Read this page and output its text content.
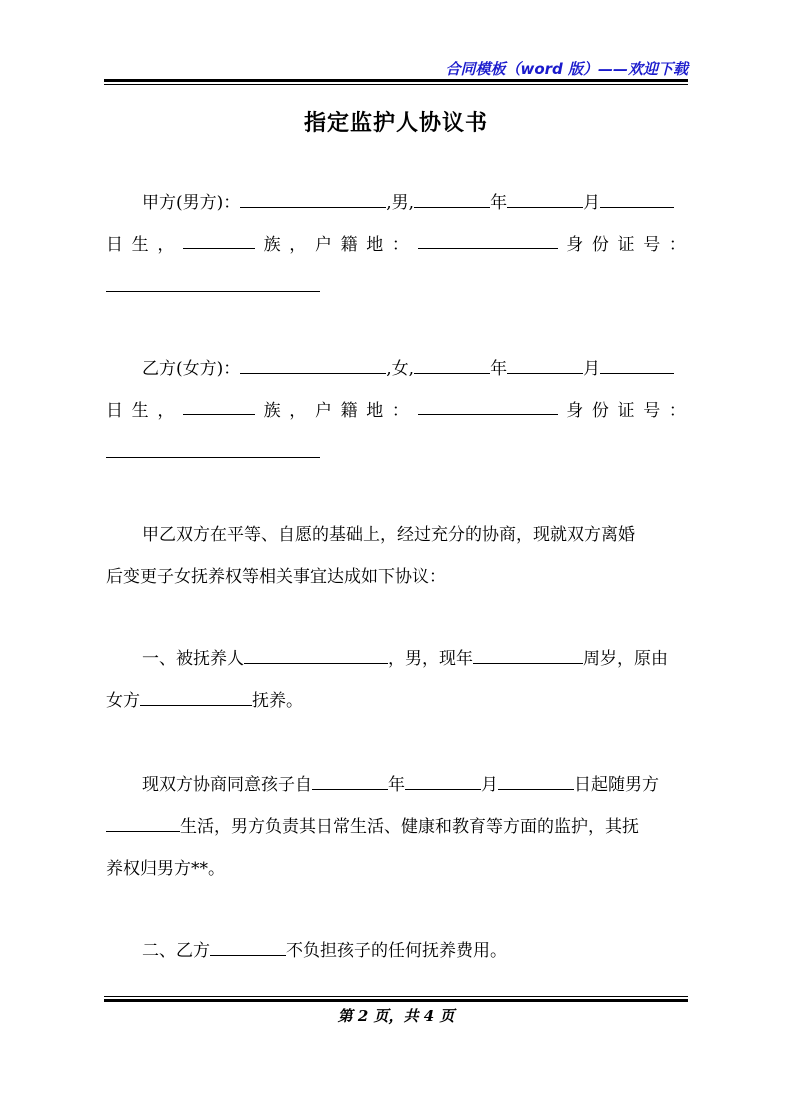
合同模板（word 版）——欢迎下载
指定监护人协议书
甲方(男方)：	,男,	年	月
日 生 ，	族 ， 户 籍 地 ：	身 份 证 号 ：
乙方(女方)：	,女,	年	月
日 生 ，	族 ， 户 籍 地 ：	身 份 证 号 ：
甲乙双方在平等、自愿的基础上，经过充分的协商，现就双方离婚
后变更子女抚养权等相关事宜达成如下协议：
一、被抚养人	，男，现年	周岁，原由
女方	抚养。
现双方协商同意孩子自	年	月	日起随男方
生活，男方负责其日常生活、健康和教育等方面的监护，其抚
养权归男方**。
二、乙方	不负担孩子的任何抚养费用。
第 2 页，共 4 页
